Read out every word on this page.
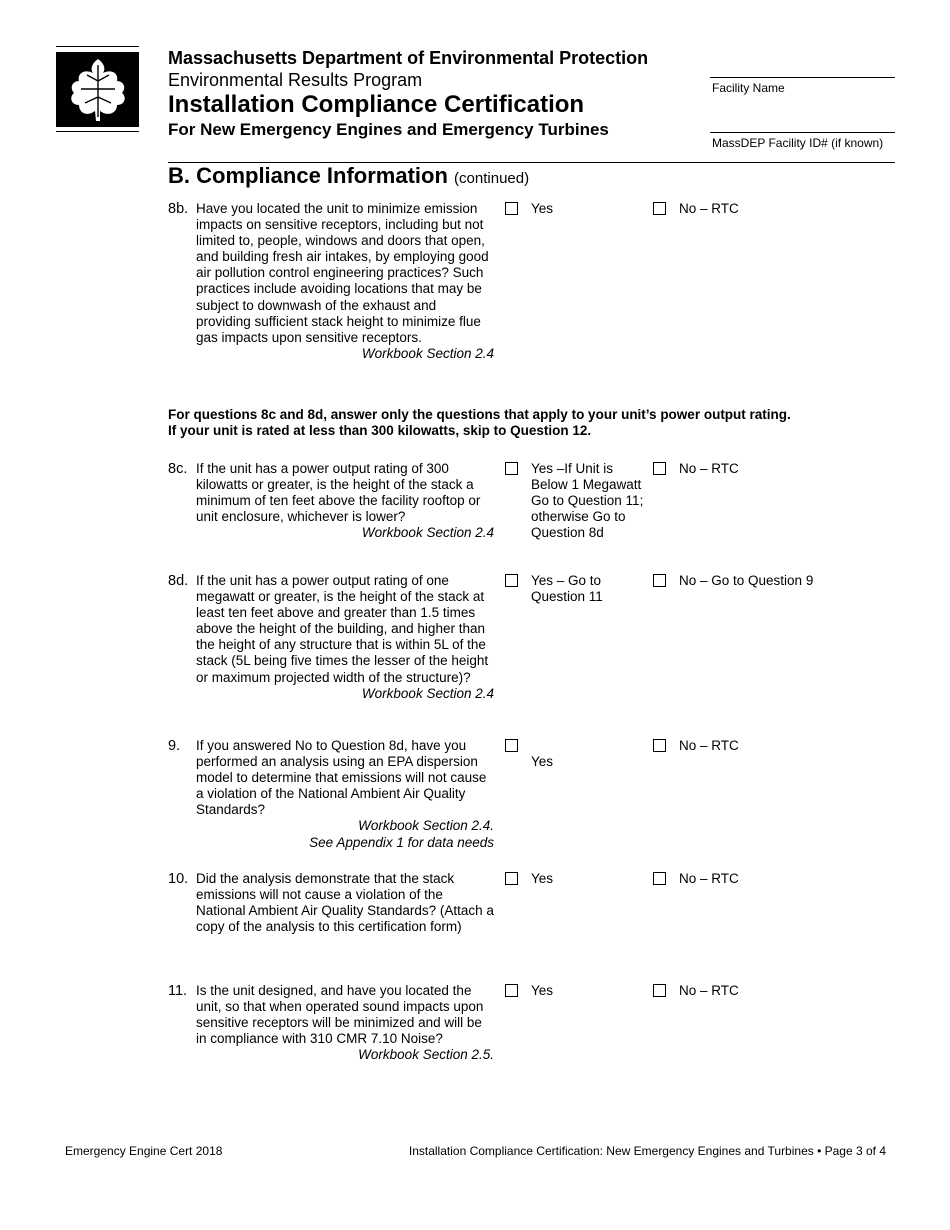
Massachusetts Department of Environmental Protection
Environmental Results Program
Installation Compliance Certification
For New Emergency Engines and Emergency Turbines
Facility Name
MassDEP Facility ID# (if known)
B. Compliance Information (continued)
8b. Have you located the unit to minimize emission impacts on sensitive receptors, including but not limited to, people, windows and doors that open, and building fresh air intakes, by employing good air pollution control engineering practices? Such practices include avoiding locations that may be subject to downwash of the exhaust and providing sufficient stack height to minimize flue gas impacts upon sensitive receptors.
Workbook Section 2.4
Yes	No – RTC
For questions 8c and 8d, answer only the questions that apply to your unit’s power output rating.
If your unit is rated at less than 300 kilowatts, skip to Question 12.
8c. If the unit has a power output rating of 300 kilowatts or greater, is the height of the stack a minimum of ten feet above the facility rooftop or unit enclosure, whichever is lower?
Workbook Section 2.4
Yes –If Unit is Below 1 Megawatt Go to Question 11; otherwise Go to Question 8d
No – RTC
8d. If the unit has a power output rating of one megawatt or greater, is the height of the stack at least ten feet above and greater than 1.5 times above the height of the building, and higher than the height of any structure that is within 5L of the stack (5L being five times the lesser of the height or maximum projected width of the structure)?
Workbook Section 2.4
Yes – Go to Question 11
No – Go to Question 9
9. If you answered No to Question 8d, have you performed an analysis using an EPA dispersion model to determine that emissions will not cause a violation of the National Ambient Air Quality Standards?
Workbook Section 2.4.
See Appendix 1 for data needs
Yes
No – RTC
10. Did the analysis demonstrate that the stack emissions will not cause a violation of the National Ambient Air Quality Standards? (Attach a copy of the analysis to this certification form)
Yes	No – RTC
11. Is the unit designed, and have you located the unit, so that when operated sound impacts upon sensitive receptors will be minimized and will be in compliance with 310 CMR 7.10 Noise?
Workbook Section 2.5.
Yes	No – RTC
Emergency Engine Cert 2018	Installation Compliance Certification: New Emergency Engines and Turbines • Page 3 of 4
